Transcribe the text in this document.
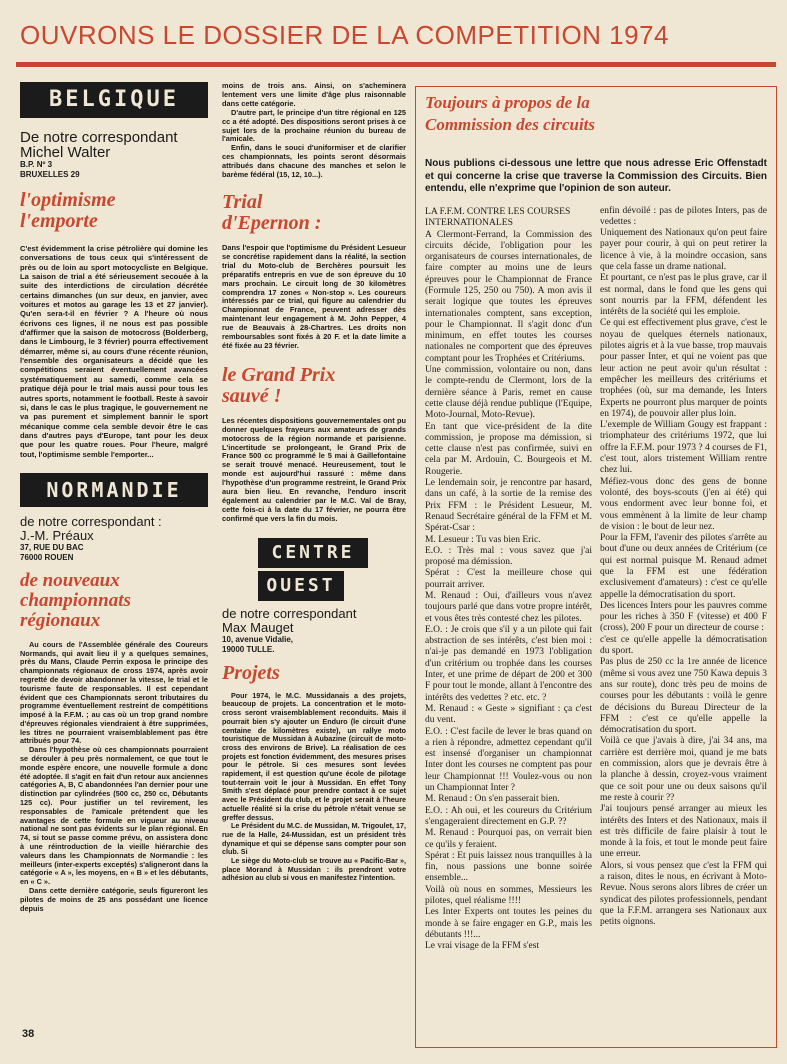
OUVRONS LE DOSSIER DE LA COMPETITION 1974
BELGIQUE
De notre correspondant
Michel Walter
B.P. Nº 3
BRUXELLES 29
l'optimisme l'emporte
C'est évidemment la crise pétrolière qui domine les conversations de tous ceux qui s'intéressent de près ou de loin au sport motocycliste en Belgique. La saison de trial a été sérieusement secouée à la suite des interdictions de circulation décrétée certains dimanches (un sur deux, en janvier, avec voitures et motos au garage les 13 et 27 janvier). Qu'en sera-t-il en février ? A l'heure où nous écrivons ces lignes, il ne nous est pas possible d'affirmer que la saison de motocross (Bolderberg, dans le Limbourg, le 3 février) pourra effectivement démarrer, même si, au cours d'une récente réunion, l'ensemble des organisateurs a décidé que les compétitions seraient éventuellement avancées systématiquement au samedi, comme cela se pratique déjà pour le trial mais aussi pour tous les autres sports, notamment le football. Reste à savoir si, dans le cas le plus tragique, le gouvernement ne va pas purement et simplement bannir le sport mécanique comme cela semble devoir être le cas dans d'autres pays d'Europe, tant pour les deux que pour les quatre roues. Pour l'heure, malgré tout, l'optimisme semble l'emporter...
NORMANDIE
de notre correspondant :
J.-M. Préaux
37, RUE DU BAC
76000 ROUEN
de nouveaux championnats régionaux

Au cours de l'Assemblée générale des Coureurs Normands, qui avait lieu il y a quelques semaines, près du Mans, Claude Perrin exposa le principe des championnats régionaux de cross 1974, après avoir regretté de devoir abandonner la vitesse, le trial et le tourisme faute de responsables. Il est cependant évident que ces Championnats seront tributaires du programme éventuellement restreint de compétitions imposé à la F.F.M. ; au cas où un trop grand nombre d'épreuves régionales viendraient à être supprimées, les titres ne pourraient vraisemblablement pas être attribués pour 74.

Dans l'hypothèse où ces championnats pourraient se dérouler à peu près normalement, ce que tout le monde espère encore, une nouvelle formule a donc été adoptée. Il s'agit en fait d'un retour aux anciennes catégories A, B, C abandonnées l'an dernier pour une distinction par cylindrées (500 cc, 250 cc, Débutants 125 cc). Pour justifier un tel revirement, les responsables de l'amicale prétendent que les avantages de cette formule en vigueur au niveau national ne sont pas évidents sur le plan régional. En 74, si tout se passe comme prévu, on assistera donc à une réintroduction de la vieille hiérarchie des valeurs dans les Championnats de Normandie : les meilleurs (inter-experts exceptés) s'aligneront dans la catégorie « A », les moyens, en « B » et les débutants, en « C ».

Dans cette dernière catégorie, seuls figureront les pilotes de moins de 25 ans possédant une licence depuis

moins de trois ans. Ainsi, on s'acheminera lentement vers une limite d'âge plus raisonnable dans cette catégorie.

D'autre part, le principe d'un titre régional en 125 cc a été adopté. Des dispositions seront prises à ce sujet lors de la prochaine réunion du bureau de l'amicale.

Enfin, dans le souci d'uniformiser et de clarifier ces championnats, les points seront désormais attribués dans chacune des manches et selon le barème fédéral (15, 12, 10...).

Trial d'Epernon :
Dans l'espoir que l'optimisme du Président Lesueur se concrétise rapidement dans la réalité, la section trial du Moto-club de Berchères poursuit les préparatifs entrepris en vue de son épreuve du 10 mars prochain. Le circuit long de 30 kilomètres comprendra 17 zones « Non-stop ». Les coureurs intéressés par ce trial, qui figure au calendrier du Championnat de France, peuvent adresser dès maintenant leur engagement à M. John Pepper, 4 rue de Beauvais à 28-Chartres. Les droits non remboursables sont fixés à 20 F. et la date limite a été fixée au 23 février.
le Grand Prix sauvé !
Les récentes dispositions gouvernementales ont pu donner quelques frayeurs aux amateurs de grands motocross de la région normande et parisienne. L'incertitude se prolongeant, le Grand Prix de France 500 cc programmé le 5 mai à Gaillefontaine se serait trouvé menacé. Heureusement, tout le monde est aujourd'hui rassuré : même dans l'hypothèse d'un programme restreint, le Grand Prix aura bien lieu. En revanche, l'enduro inscrit également au calendrier par le M.C. Val de Bray, cette fois-ci à la date du 17 février, ne pourra être confirmé que vers la fin du mois.
CENTRE
OUEST
de notre correspondant
Max Mauget
10, avenue Vidalie,
19000 TULLE.
Projets

Pour 1974, le M.C. Mussidanais a des projets, beaucoup de projets. La concentration et le moto-cross seront vraisemblablement reconduits. Mais il pourrait bien s'y ajouter un Enduro (le circuit d'une centaine de kilomètres existe), un rallye moto touristique de Mussidan à Aubazine (circuit de moto-cross des environs de Brive). La réalisation de ces projets est fonction évidemment, des mesures prises pour le pétrole. Si ces mesures sont levées rapidement, il est question qu'une école de pilotage tout-terrain voit le jour à Mussidan. En effet Tony Smith s'est déplacé pour prendre contact à ce sujet avec le Président du club, et le projet serait à l'heure actuelle réalité si la crise du pétrole n'était venue se greffer dessus.

Le Président du M.C. de Mussidan, M. Trigoulet, 17, rue de la Halle, 24-Mussidan, est un président très dynamique et qui se dépense sans compter pour son club. Si

Le siège du Moto-club se trouve au « Pacific-Bar », place Morand à Mussidan : ils prendront votre adhésion au club si vous en manifestez l'intention.

Toujours à propos de la Commission des circuits
Nous publions ci-dessous une lettre que nous adresse Eric Offenstadt et qui concerne la crise que traverse la Commission des Circuits. Bien entendu, elle n'exprime que l'opinion de son auteur.
LA F.F.M. CONTRE LES COURSES INTERNATIONALES
A Clermont-Ferrand, la Commission des circuits décide, l'obligation pour les organisateurs de courses internationales, de faire compter au moins une de leurs épreuves pour le Championnat de France (Formule 125, 250 ou 750). A mon avis il serait logique que toutes les épreuves internationales comptent, sans exception, pour le Championnat. Il s'agit donc d'un minimum, en effet toutes les courses nationales ne comportent que des épreuves comptant pour les Trophées et Critériums.
Une commission, volontaire ou non, dans le compte-rendu de Clermont, lors de la dernière séance à Paris, remet en cause cette clause déjà rendue publique (l'Equipe, Moto-Journal, Moto-Revue).
En tant que vice-président de la dite commission, je propose ma démission, si cette clause n'est pas confirmée, suivi en cela par M. Ardouin, C. Bourgeois et M. Rougerie.
Le lendemain soir, je rencontre par hasard, dans un café, à la sortie de la remise des Prix FFM : le Président Lesueur, M. Renaud Secrétaire général de la FFM et M. Spérat-Csar :
M. Lesueur : Tu vas bien Eric.
E.O. : Très mal : vous savez que j'ai proposé ma démission.
Spérat : C'est la meilleure chose qui pourrait arriver.
M. Renaud : Oui, d'ailleurs vous n'avez toujours parlé que dans votre propre intérêt, et vous êtes très contesté chez les pilotes.
E.O. : Je crois que s'il y a un pilote qui fait abstraction de ses intérêts, c'est bien moi : n'ai-je pas demandé en 1973 l'obligation d'un critérium ou trophée dans les courses Inter, et une prime de départ de 200 et 300 F pour tout le monde, allant à l'encontre des intérêts des vedettes ? etc. etc. ?
M. Renaud : « Geste » signifiant : ça c'est du vent.
E.O. : C'est facile de lever le bras quand on a rien à répondre, admettez cependant qu'il est insensé d'organiser un championnat Inter dont les courses ne comptent pas pour leur Championnat !!! Voulez-vous ou non un Championnat Inter ?
M. Renaud : On s'en passerait bien.
E.O. : Ah oui, et les coureurs du Critérium s'engageraient directement en G.P. ??
M. Renaud : Pourquoi pas, on verrait bien ce qu'ils y feraient.
Spérat : Et puis laissez nous tranquilles à la fin, nous passions une bonne soirée ensemble...
Voilà où nous en sommes, Messieurs les pilotes, quel réalisme !!!!
Les Inter Experts ont toutes les peines du monde à se faire engager en G.P., mais les débutants !!!...
Le vrai visage de la FFM s'est
enfin dévoilé : pas de pilotes Inters, pas de vedettes :
Uniquement des Nationaux qu'on peut faire payer pour courir, à qui on peut retirer la licence à vie, à la moindre occasion, sans que cela fasse un drame national.
Et pourtant, ce n'est pas le plus grave, car il est normal, dans le fond que les gens qui sont nourris par la FFM, défendent les intérêts de la société qui les emploie.
Ce qui est effectivement plus grave, c'est le noyau de quelques éternels nationaux, pilotes aigris et à la vue basse, trop mauvais pour passer Inter, et qui ne voient pas que leur action ne peut avoir qu'un résultat : empêcher les meilleurs des critériums et trophées (où, sur ma demande, les Inters Experts ne pourront plus marquer de points en 1974), de pouvoir aller plus loin.
L'exemple de William Gougy est frappant : triomphateur des critériums 1972, que lui offre la F.F.M. pour 1973 ? 4 courses de F1, c'est tout, alors tristement William rentre chez lui.
Méfiez-vous donc des gens de bonne volonté, des boys-scouts (j'en ai été) qui vous endorment avec leur bonne foi, et vous emmènent à la limite de leur champ de vision : le bout de leur nez.
Pour la FFM, l'avenir des pilotes s'arrête au bout d'une ou deux années de Critérium (ce qui est normal puisque M. Renaud admet que la FFM est une fédération exclusivement d'amateurs) : c'est ce qu'elle appelle la démocratisation du sport.
Des licences Inters pour les pauvres comme pour les riches à 350 F (vitesse) et 400 F (cross), 200 F pour un directeur de course :
c'est ce qu'elle appelle la démocratisation du sport.
Pas plus de 250 cc la 1re année de licence (même si vous avez une 750 Kawa depuis 3 ans sur route), donc très peu de moins de courses pour les débutants : voilà le genre de décisions du Bureau Directeur de la FFM : c'est ce qu'elle appelle la démocratisation du sport.
Voilà ce que j'avais à dire, j'ai 34 ans, ma carrière est derrière moi, quand je me bats en commission, alors que je devrais être à la planche à dessin, croyez-vous vraiment que ce soit pour une ou deux saisons qu'il me reste à courir ??
J'ai toujours pensé arranger au mieux les intérêts des Inters et des Nationaux, mais il est très difficile de faire plaisir à tout le monde à la fois, et tout le monde peut faire une erreur.
Alors, si vous pensez que c'est la FFM qui a raison, dites le nous, en écrivant à Moto-Revue. Nous serons alors libres de créer un syndicat des pilotes professionnels, pendant que la F.F.M. arrangera ses Nationaux aux petits oignons.
38
